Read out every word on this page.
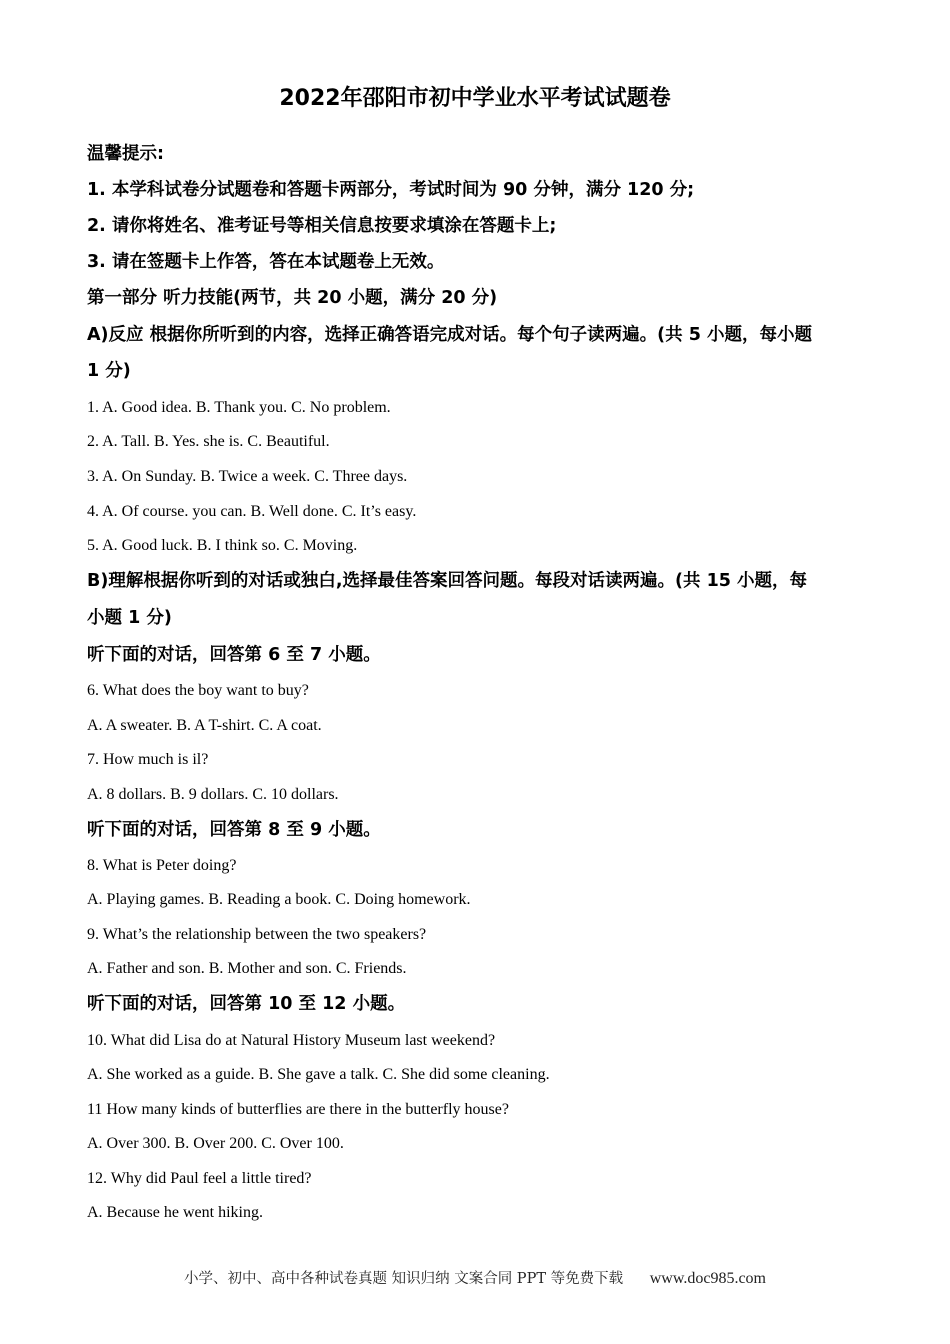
2022年邵阳市初中学业水平考试试题卷
温馨提示:
1. 本学科试卷分试题卷和答题卡两部分，考试时间为 90 分钟，满分 120 分;
2. 请你将姓名、准考证号等相关信息按要求填涂在答题卡上;
3. 请在签题卡上作答，答在本试题卷上无效。
第一部分 听力技能(两节，共 20 小题，满分 20 分)
A)反应 根据你所听到的内容，选择正确答语完成对话。每个句子读两遍。(共 5 小题，每小题
1 分)
1. A. Good idea. B. Thank you. C. No problem.
2. A. Tall. B. Yes. she is. C. Beautiful.
3. A. On Sunday. B. Twice a week. C. Three days.
4. A. Of course. you can. B. Well done. C. It’s easy.
5. A. Good luck. B. I think so. C. Moving.
B)理解根据你听到的对话或独白,选择最佳答案回答问题。每段对话读两遍。(共 15 小题，每
小题 1 分)
听下面的对话，回答第 6 至 7 小题。
6. What does the boy want to buy?
A. A sweater. B. A T-shirt. C. A coat.
7. How much is il?
A. 8 dollars. B. 9 dollars. C. 10 dollars.
听下面的对话，回答第 8 至 9 小题。
8. What is Peter doing?
A. Playing games. B. Reading a book. C. Doing homework.
9. What’s the relationship between the two speakers?
A. Father and son. B. Mother and son. C. Friends.
听下面的对话，回答第 10 至 12 小题。
10. What did Lisa do at Natural History Museum last weekend?
A. She worked as a guide. B. She gave a talk. C. She did some cleaning.
11 How many kinds of butterflies are there in the butterfly house?
A. Over 300. B. Over 200. C. Over 100.
12. Why did Paul feel a little tired?
A. Because he went hiking.
小学、初中、高中各种试卷真题 知识归纳 文案合同 PPT 等免费下载 www.doc985.com
